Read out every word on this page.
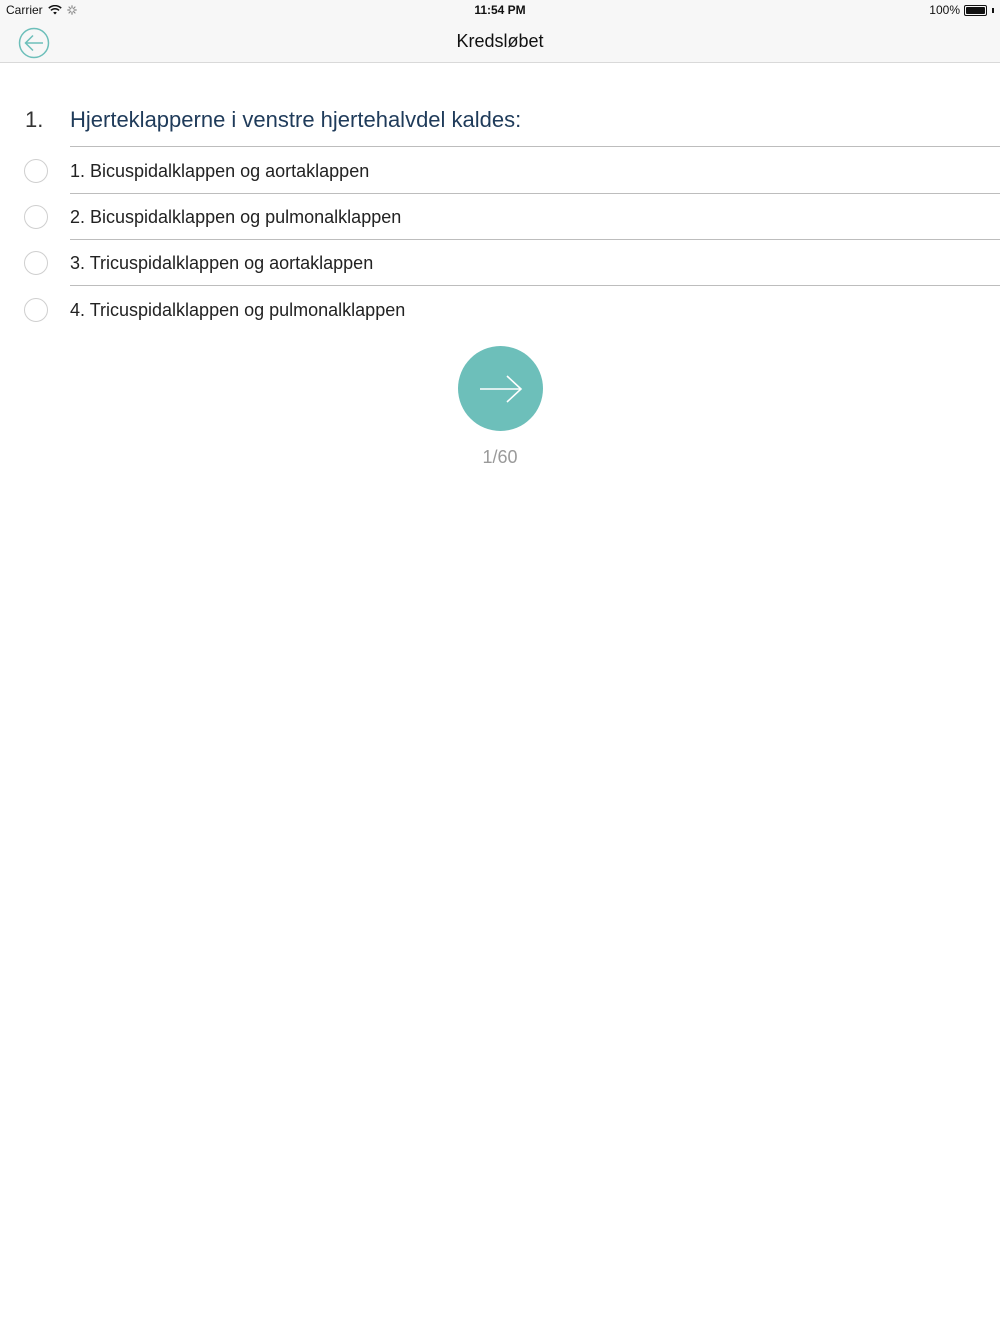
Carrier	11:54 PM	100%
Kredsløbet
1. Hjerteklapperne i venstre hjertehalvdel kaldes:
1. Bicuspidalklappen og aortaklappen
2. Bicuspidalklappen og pulmonalklappen
3. Tricuspidalklappen og aortaklappen
4. Tricuspidalklappen og pulmonalklappen
1/60
